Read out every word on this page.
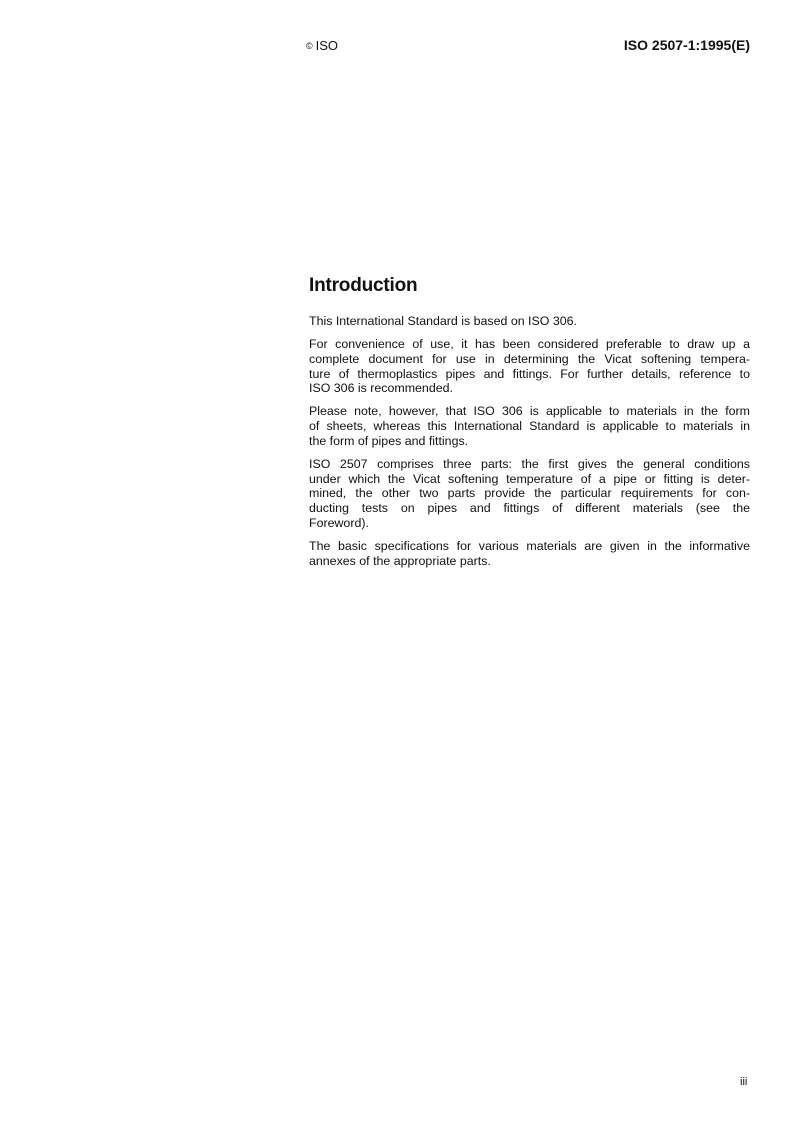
© ISO	ISO 2507-1:1995(E)
Introduction
This International Standard is based on ISO 306.
For convenience of use, it has been considered preferable to draw up a
complete document for use in determining the Vicat softening tempera-
ture of thermoplastics pipes and fittings. For further details, reference to
ISO 306 is recommended.
Please note, however, that ISO 306 is applicable to materials in the form
of sheets, whereas this International Standard is applicable to materials in
the form of pipes and fittings.
ISO 2507 comprises three parts: the first gives the general conditions
under which the Vicat softening temperature of a pipe or fitting is deter-
mined, the other two parts provide the particular requirements for con-
ducting tests on pipes and fittings of different materials (see the
Foreword).
The basic specifications for various materials are given in the informative
annexes of the appropriate parts.
iii
